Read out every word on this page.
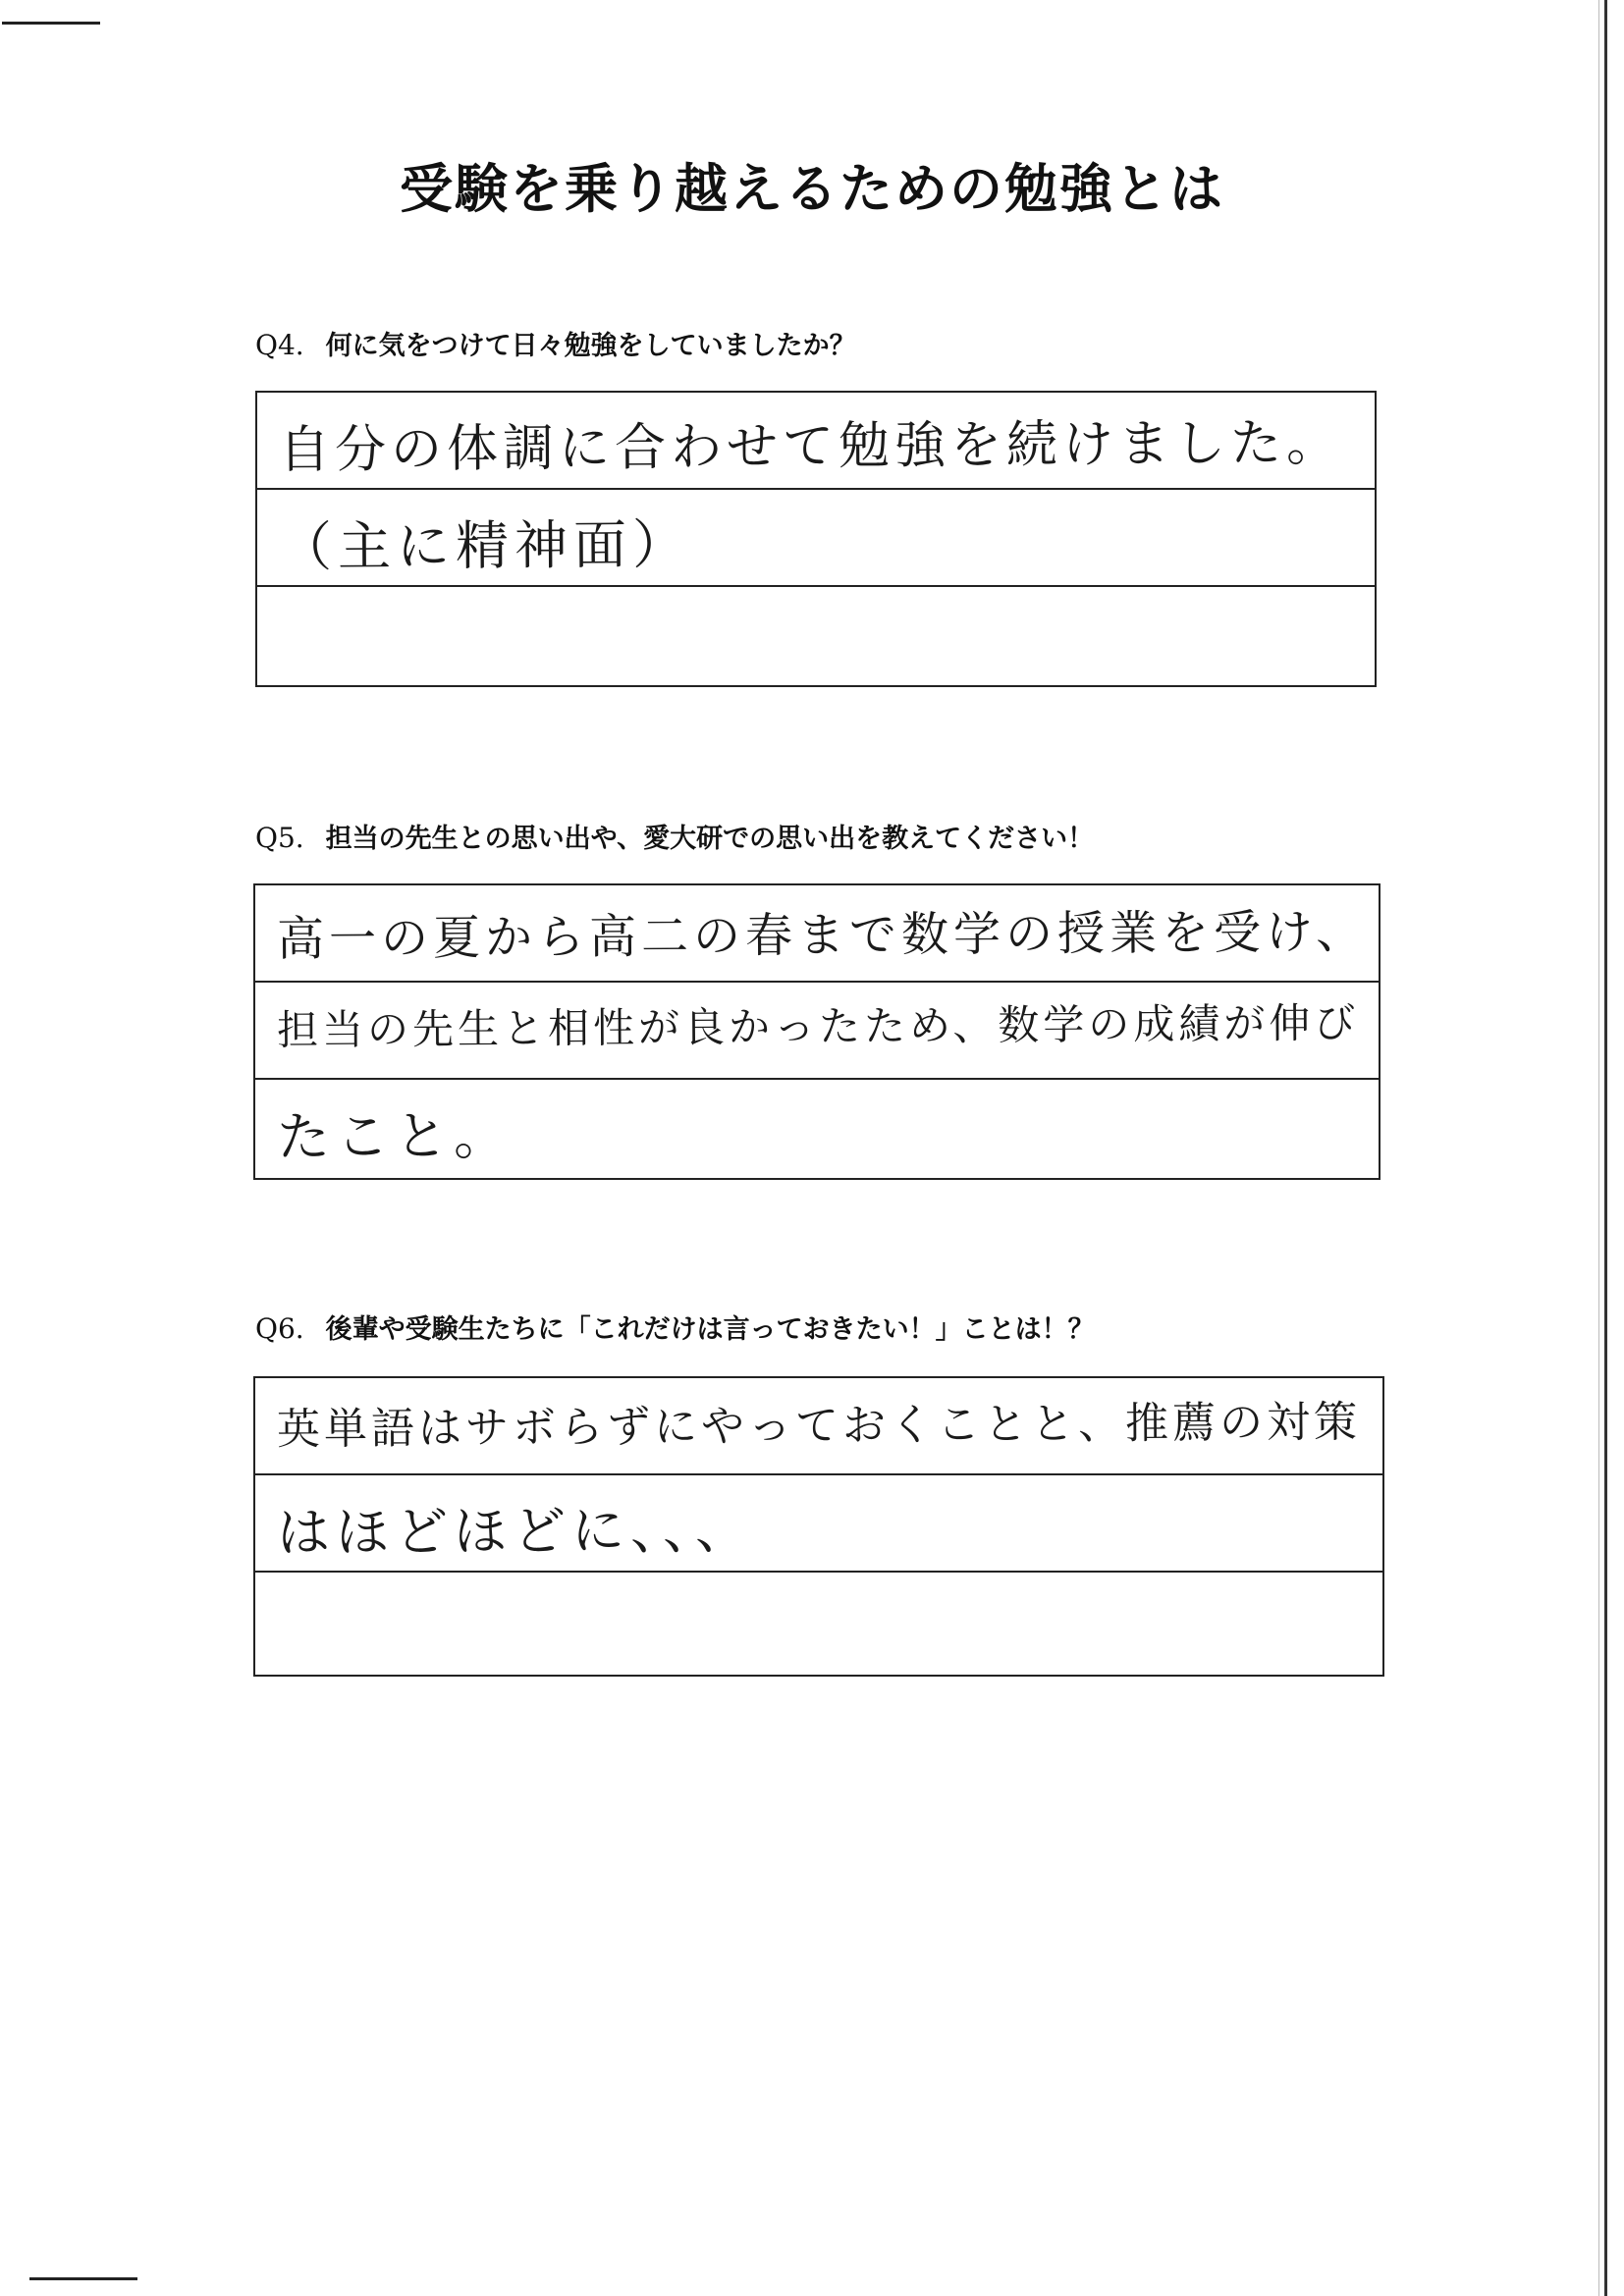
受験を乗り越えるための勉強とは
Q4. 何に気をつけて日々勉強をしていましたか？
自分の体調に合わせて勉強を続けました。
（主に精神面）
Q5. 担当の先生との思い出や、愛大研での思い出を教えてください！
高一の夏から高二の春まで数学の授業を受け、
担当の先生と相性が良かったため、数学の成績が伸び
たこと。
Q6. 後輩や受験生たちに「これだけは言っておきたい！」ことは！？
英単語はサボらずにやっておくことと、推薦の対策
はほどほどに、、、
